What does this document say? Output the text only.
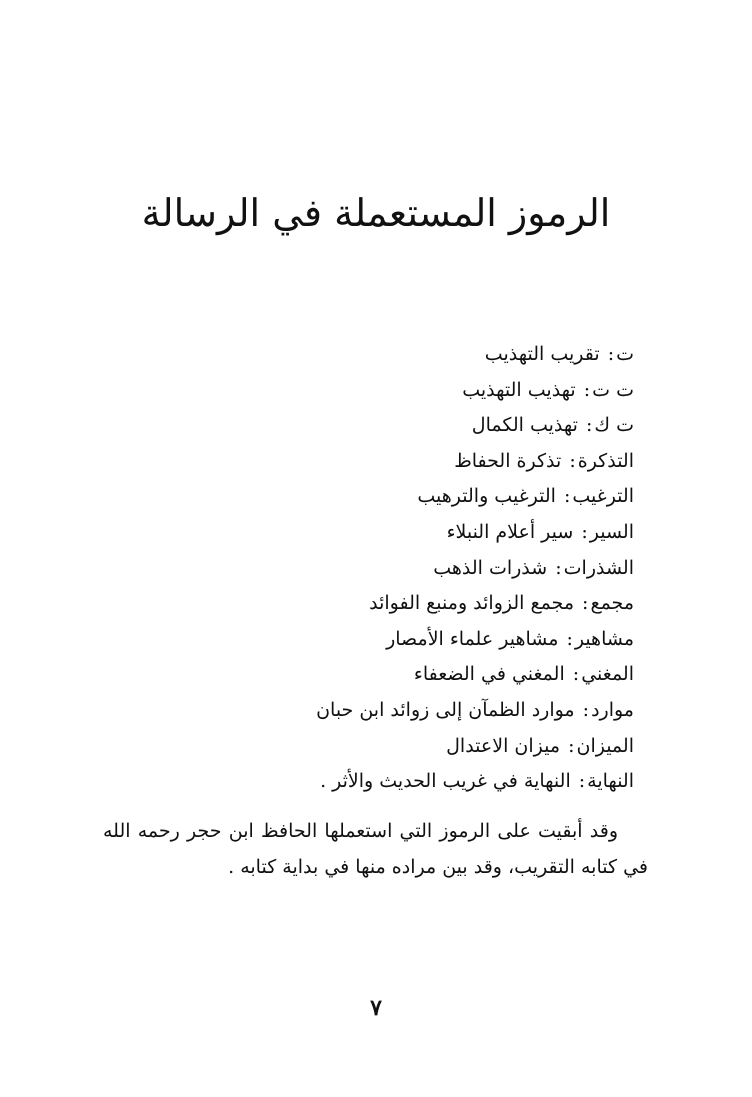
الرموز المستعملة في الرسالة
ت: تقريب التهذيب
ت ت: تهذيب التهذيب
ت ك: تهذيب الكمال
التذكرة: تذكرة الحفاظ
الترغيب: الترغيب والترهيب
السير: سير أعلام النبلاء
الشذرات: شذرات الذهب
مجمع: مجمع الزوائد ومنبع الفوائد
مشاهير: مشاهير علماء الأمصار
المغني: المغني في الضعفاء
موارد: موارد الظمآن إلى زوائد ابن حبان
الميزان: ميزان الاعتدال
النهاية: النهاية في غريب الحديث والأثر .

وقد أبقيت على الرموز التي استعملها الحافظ ابن حجر رحمه الله في كتابه التقريب، وقد بين مراده منها في بداية كتابه .

٧
